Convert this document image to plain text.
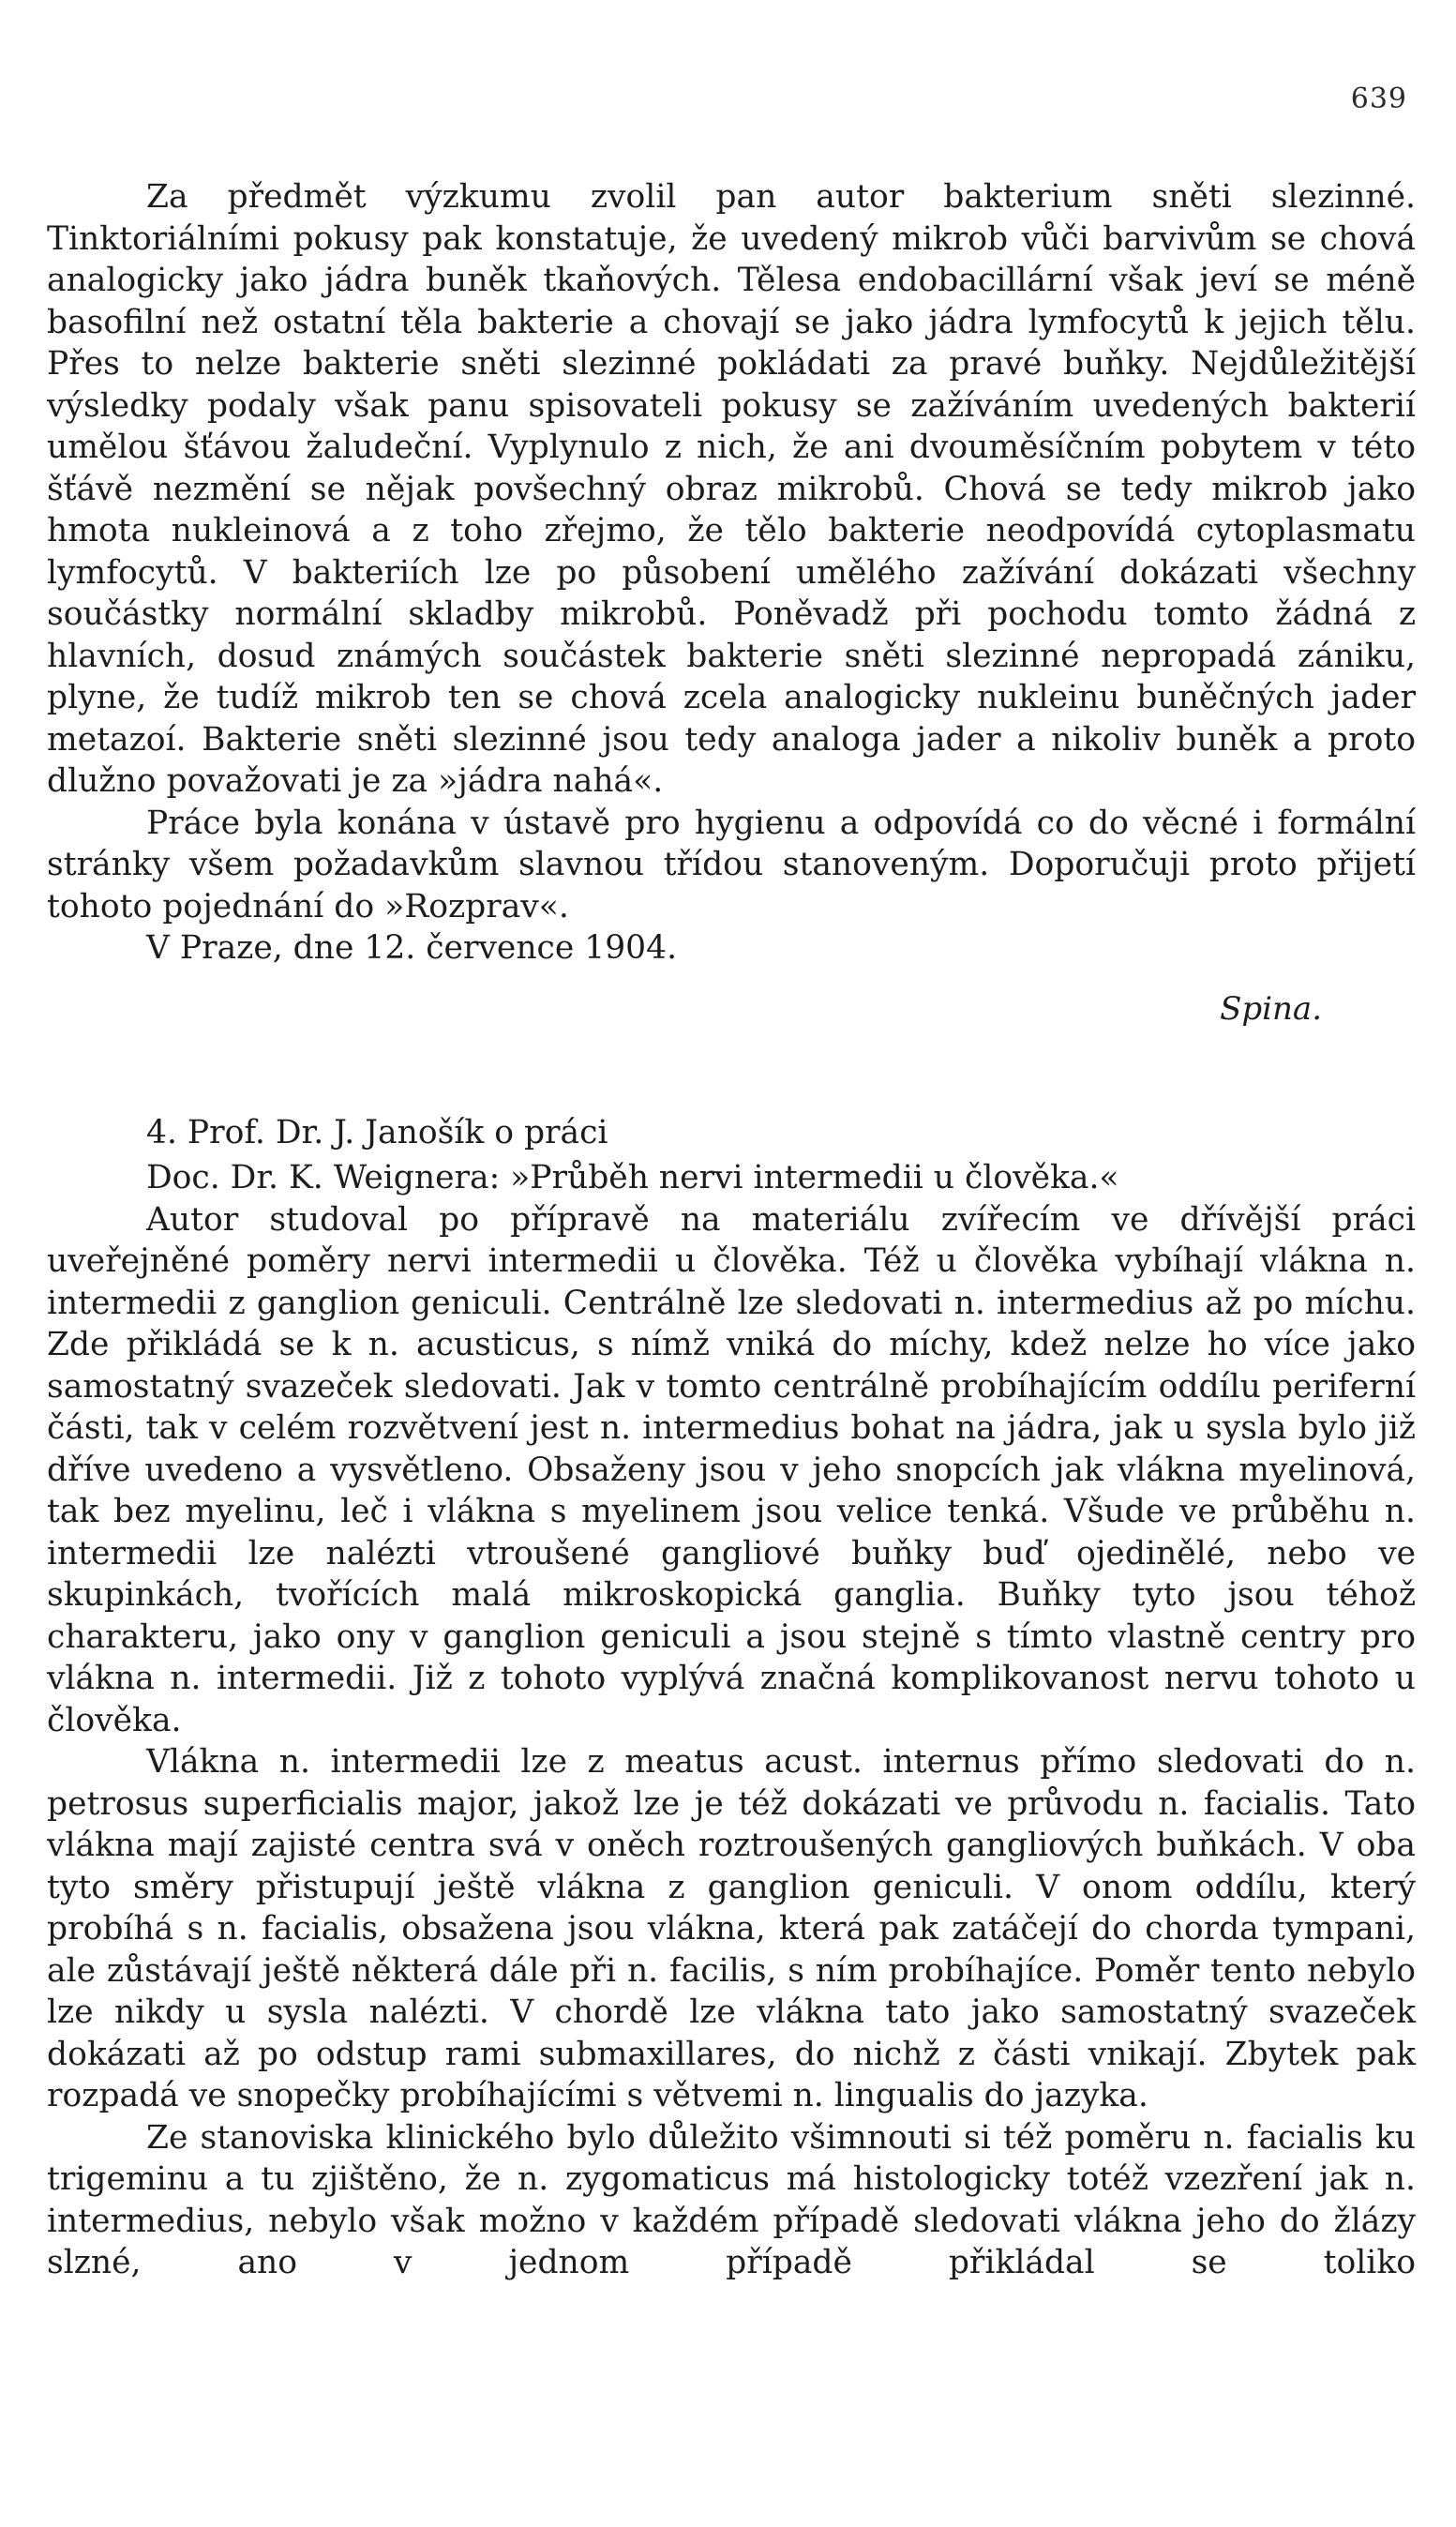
639

Za předmět výzkumu zvolil pan autor bakterium sněti slezinné. Tinktoriálními pokusy pak konstatuje, že uvedený mikrob vůči barvivům se chová analogicky jako jádra buněk tkaňových. Tělesa endobacillární však jeví se méně basofilní než ostatní těla bakterie a chovají se jako jádra lymfocytů k jejich tělu. Přes to nelze bakterie sněti slezinné pokládati za pravé buňky. Nejdůležitější výsledky podaly však panu spisovateli pokusy se zažíváním uvedených bakterií umělou šťávou žaludeční. Vyplynulo z nich, že ani dvouměsíčním pobytem v této šťávě nezmění se nějak povšechný obraz mikrobů. Chová se tedy mikrob jako hmota nukleinová a z toho zřejmo, že tělo bakterie neodpovídá cytoplasmatu lymfocytů. V bakteriích lze po působení umělého zažívání dokázati všechny součástky normální skladby mikrobů. Poněvadž při pochodu tomto žádná z hlavních, dosud známých součástek bakterie sněti slezinné nepropadá zániku, plyne, že tudíž mikrob ten se chová zcela analogicky nukleinu buněčných jader metazoí. Bakterie sněti slezinné jsou tedy analoga jader a nikoliv buněk a proto dlužno považovati je za »jádra nahá«.

Práce byla konána v ústavě pro hygienu a odpovídá co do věcné i formální stránky všem požadavkům slavnou třídou stanoveným. Doporučuji proto přijetí tohoto pojednání do »Rozprav«.

V Praze, dne 12. července 1904.

Spina.

4. Prof. Dr. J. Janošík o práci

Doc. Dr. K. Weignera: »Průběh nervi intermedii u člověka.«

Autor studoval po přípravě na materiálu zvířecím ve dřívější práci uveřejněné poměry nervi intermedii u člověka. Též u člověka vybíhají vlákna n. intermedii z ganglion geniculi. Centrálně lze sledovati n. intermedius až po míchu. Zde přikládá se k n. acusticus, s nímž vniká do míchy, kdež nelze ho více jako samostatný svazeček sledovati. Jak v tomto centrálně probíhajícím oddílu periferní části, tak v celém rozvětvení jest n. intermedius bohat na jádra, jak u sysla bylo již dříve uvedeno a vysvětleno. Obsaženy jsou v jeho snopcích jak vlákna myelinová, tak bez myelinu, leč i vlákna s myelinem jsou velice tenká. Všude ve průběhu n. intermedii lze nalézti vtroušené gangliové buňky buď ojedinělé, nebo ve skupinkách, tvořících malá mikroskopická ganglia. Buňky tyto jsou téhož charakteru, jako ony v ganglion geniculi a jsou stejně s tímto vlastně centry pro vlákna n. intermedii. Již z tohoto vyplývá značná komplikovanost nervu tohoto u člověka.

Vlákna n. intermedii lze z meatus acust. internus přímo sledovati do n. petrosus superficialis major, jakož lze je též dokázati ve průvodu n. facialis. Tato vlákna mají zajisté centra svá v oněch roztroušených gangliových buňkách. V oba tyto směry přistupují ještě vlákna z ganglion geniculi. V onom oddílu, který probíhá s n. facialis, obsažena jsou vlákna, která pak zatáčejí do chorda tympani, ale zůstávají ještě některá dále při n. facilis, s ním probíhajíce. Poměr tento nebylo lze nikdy u sysla nalézti. V chordě lze vlákna tato jako samostatný svazeček dokázati až po odstup rami submaxillares, do nichž z části vnikají. Zbytek pak rozpadá ve snopečky probíhajícími s větvemi n. lingualis do jazyka.

Ze stanoviska klinického bylo důležito všimnouti si též poměru n. facialis ku trigeminu a tu zjištěno, že n. zygomaticus má histologicky totéž vzezření jak n. intermedius, nebylo však možno v každém případě sledovati vlákna jeho do žlázy slzné, ano v jednom případě přikládal se toliko
